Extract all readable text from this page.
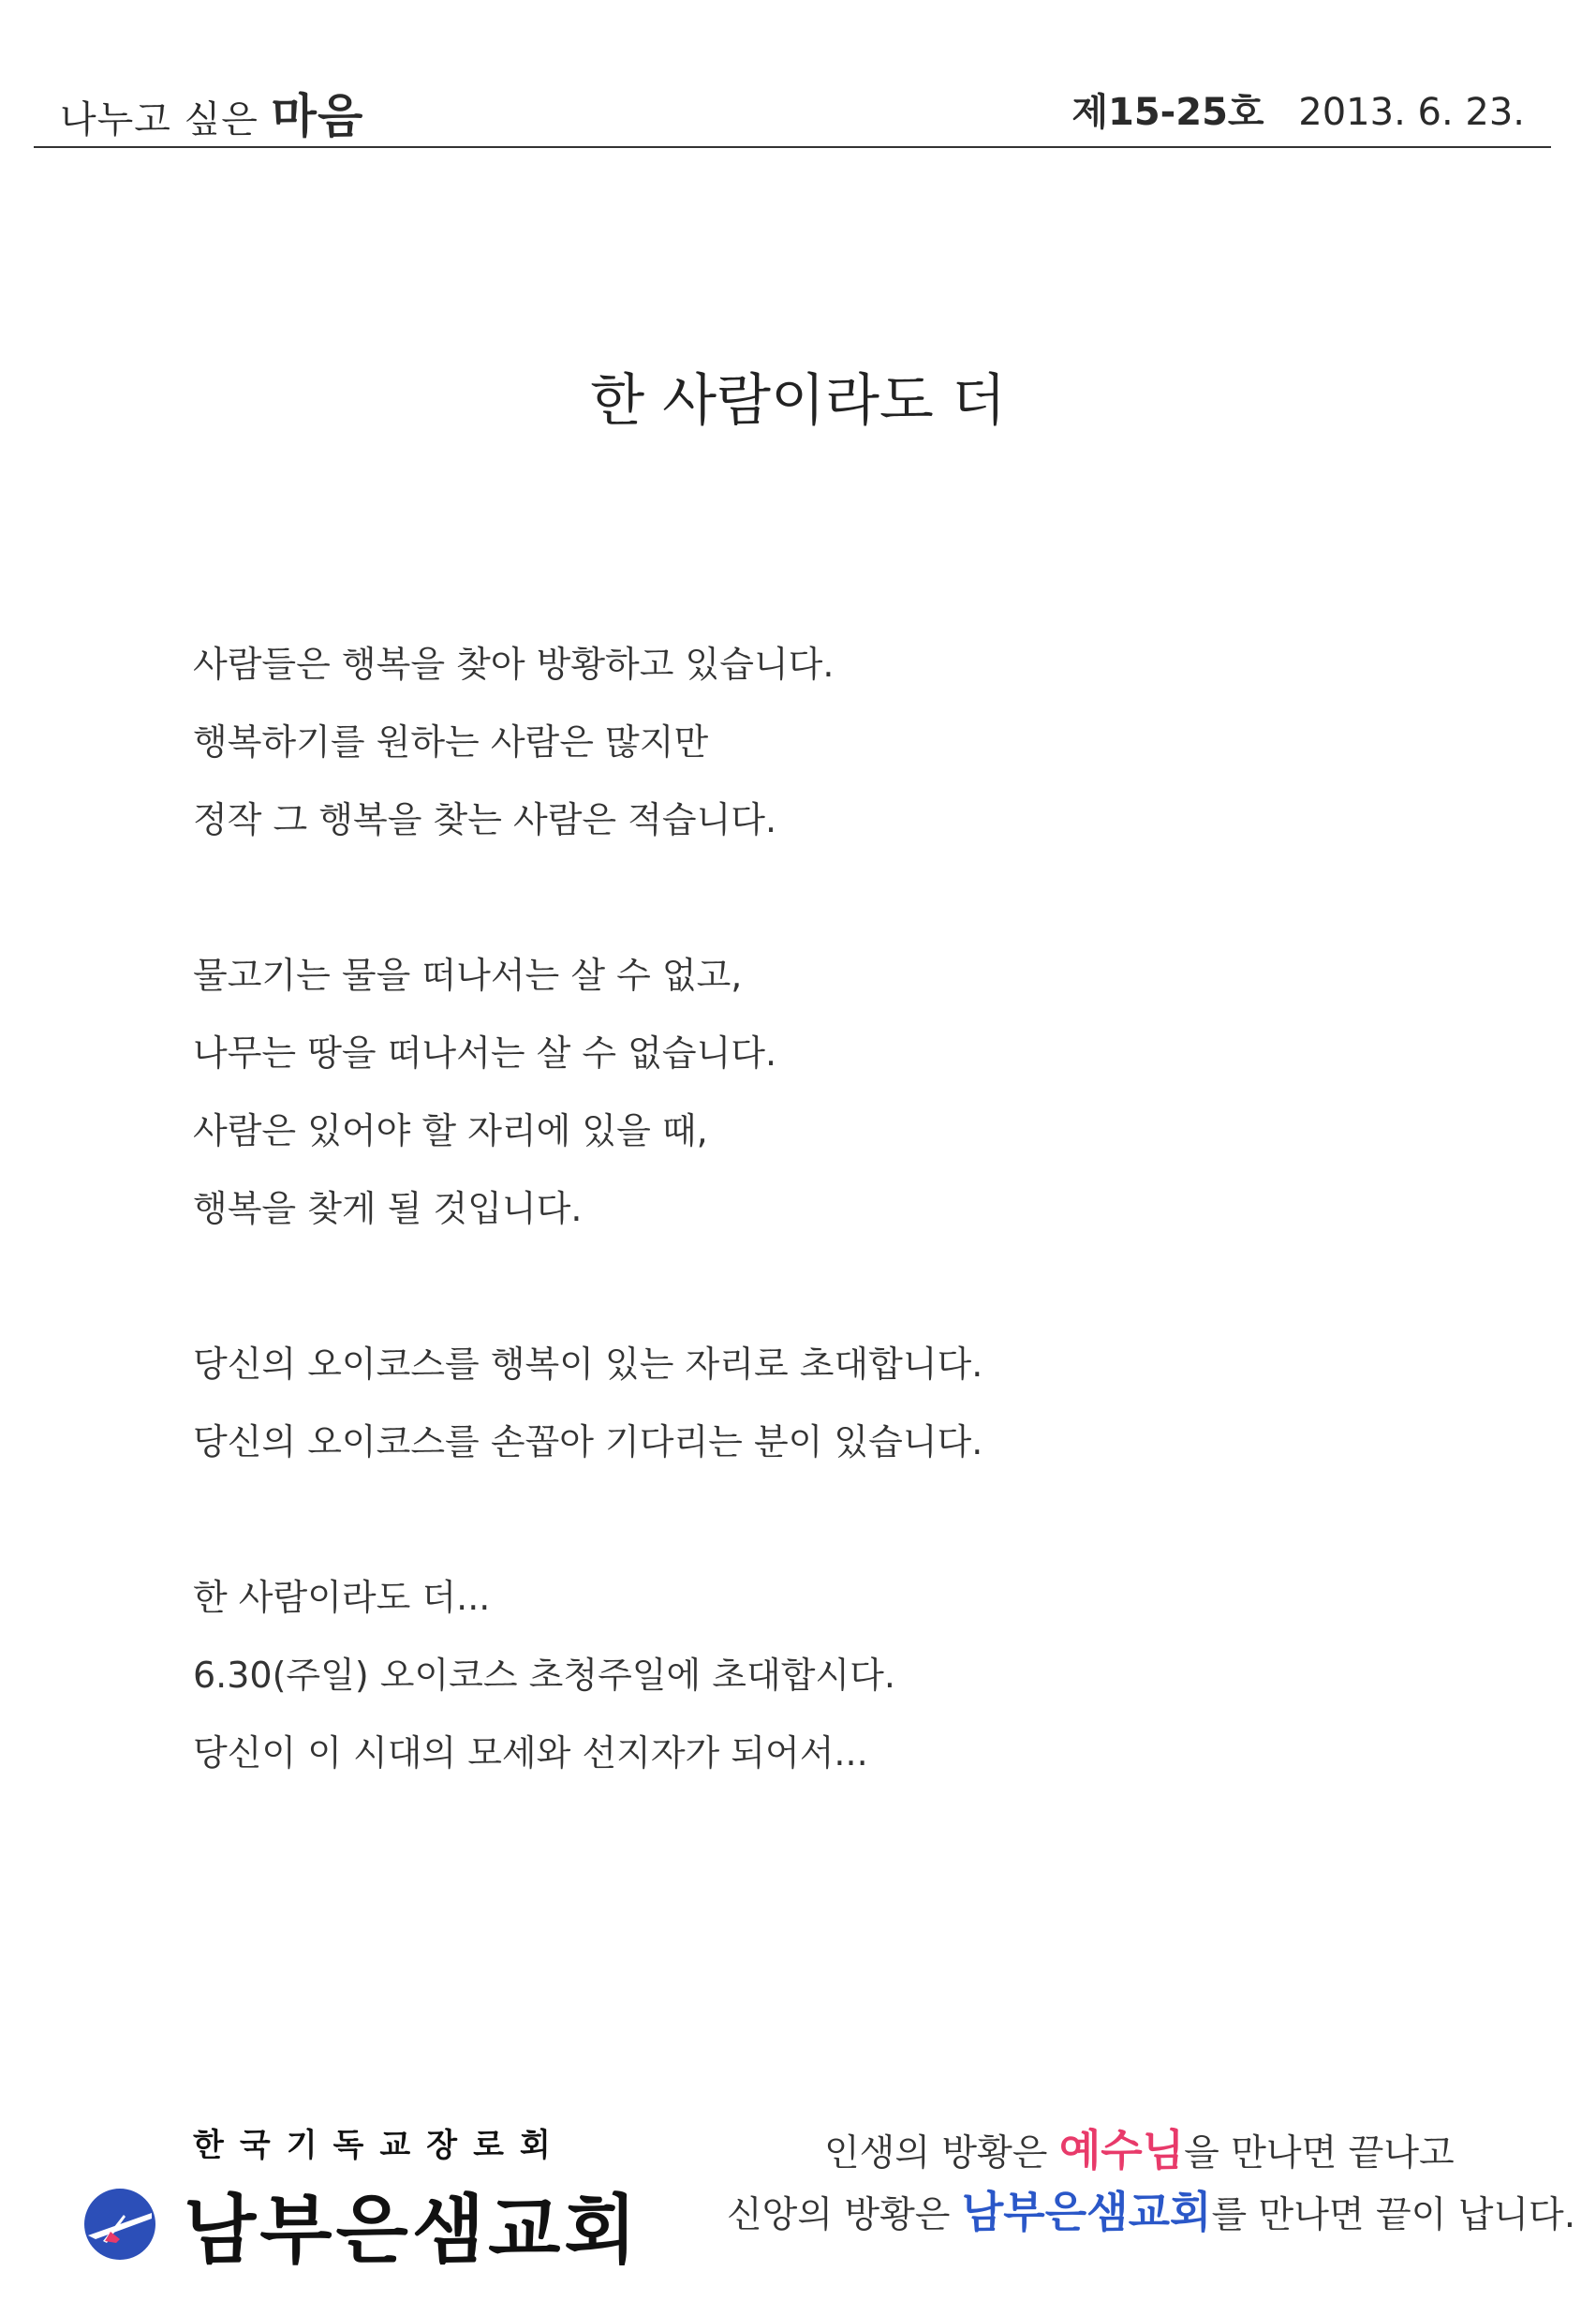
나누고 싶은 마음	제15-25호 2013. 6. 23.
한 사람이라도 더
사람들은 행복을 찾아 방황하고 있습니다.
행복하기를 원하는 사람은 많지만
정작 그 행복을 찾는 사람은 적습니다.
물고기는 물을 떠나서는 살 수 없고,
나무는 땅을 떠나서는 살 수 없습니다.
사람은 있어야 할 자리에 있을 때,
행복을 찾게 될 것입니다.
당신의 오이코스를 행복이 있는 자리로 초대합니다.
당신의 오이코스를 손꼽아 기다리는 분이 있습니다.
한 사람이라도 더...
6.30(주일) 오이코스 초청주일에 초대합시다.
당신이 이 시대의 모세와 선지자가 되어서...
한국기독교장로회
남부은샘교회
인생의 방황은 예수님을 만나면 끝나고
신앙의 방황은 남부은샘교회를 만나면 끝이 납니다.
